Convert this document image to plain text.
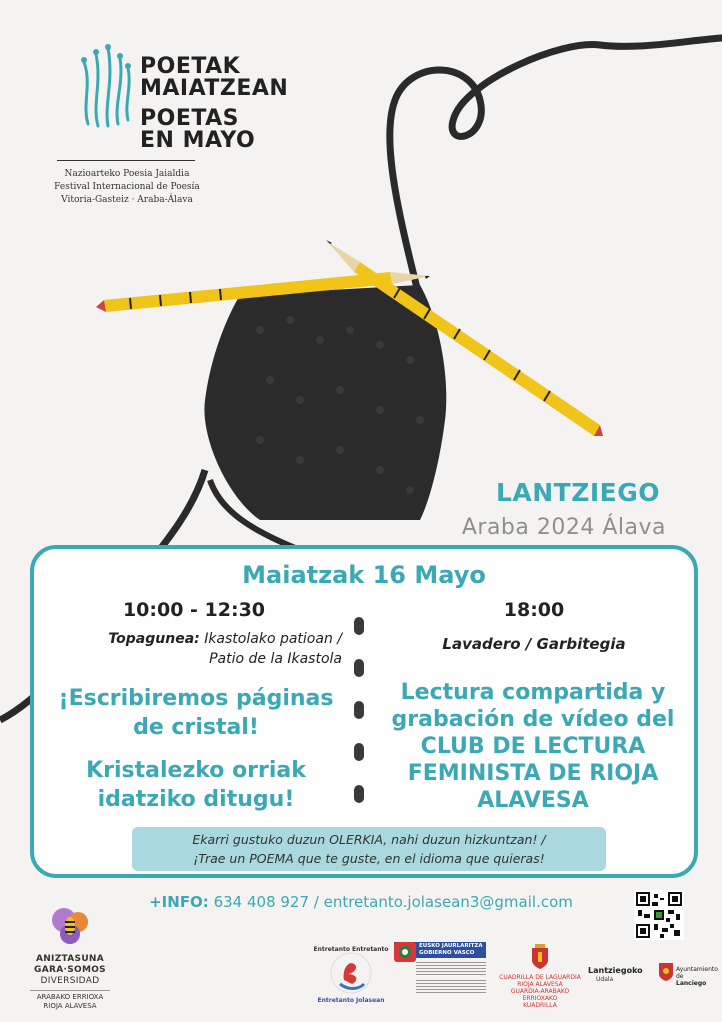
POETAK
MAIATZEAN
POETAS
EN MAYO
Nazioarteko Poesia Jaialdia
Festival Internacional de Poesía
Vitoria-Gasteiz · Araba-Álava
LANTZIEGO
Araba 2024 Álava
Maiatzak 16 Mayo
10:00 - 12:30
Topagunea: Ikastolako patioan /
Patio de la Ikastola
18:00
Lavadero / Garbitegia
¡Escribiremos páginas de cristal!
Kristalezko orriak idatziko ditugu!
Lectura compartida y grabación de vídeo del CLUB DE LECTURA FEMINISTA DE RIOJA ALAVESA
Ekarri gustuko duzun OLERKIA, nahi duzun hizkuntzan! /
¡Trae un POEMA que te guste, en el idioma que quieras!
+INFO: 634 408 927 / entretanto.jolasean3@gmail.com
ANIZTASUNA
GARA·SOMOS
DIVERSIDAD
ARABAKO ERRIOXA
RIOJA ALAVESA
Entretanto Entretanto
Entretanto Jolasean
EUSKO JAURLARITZA
GOBIERNO VASCO
CUADRILLA DE LAGUARDIA
RIOJA ALAVESA
GUARDIA-ARABAKO ERRIOXAKO
KUADRILLA
Lantziegoko
Udala
Ayuntamiento de
Lanciego
